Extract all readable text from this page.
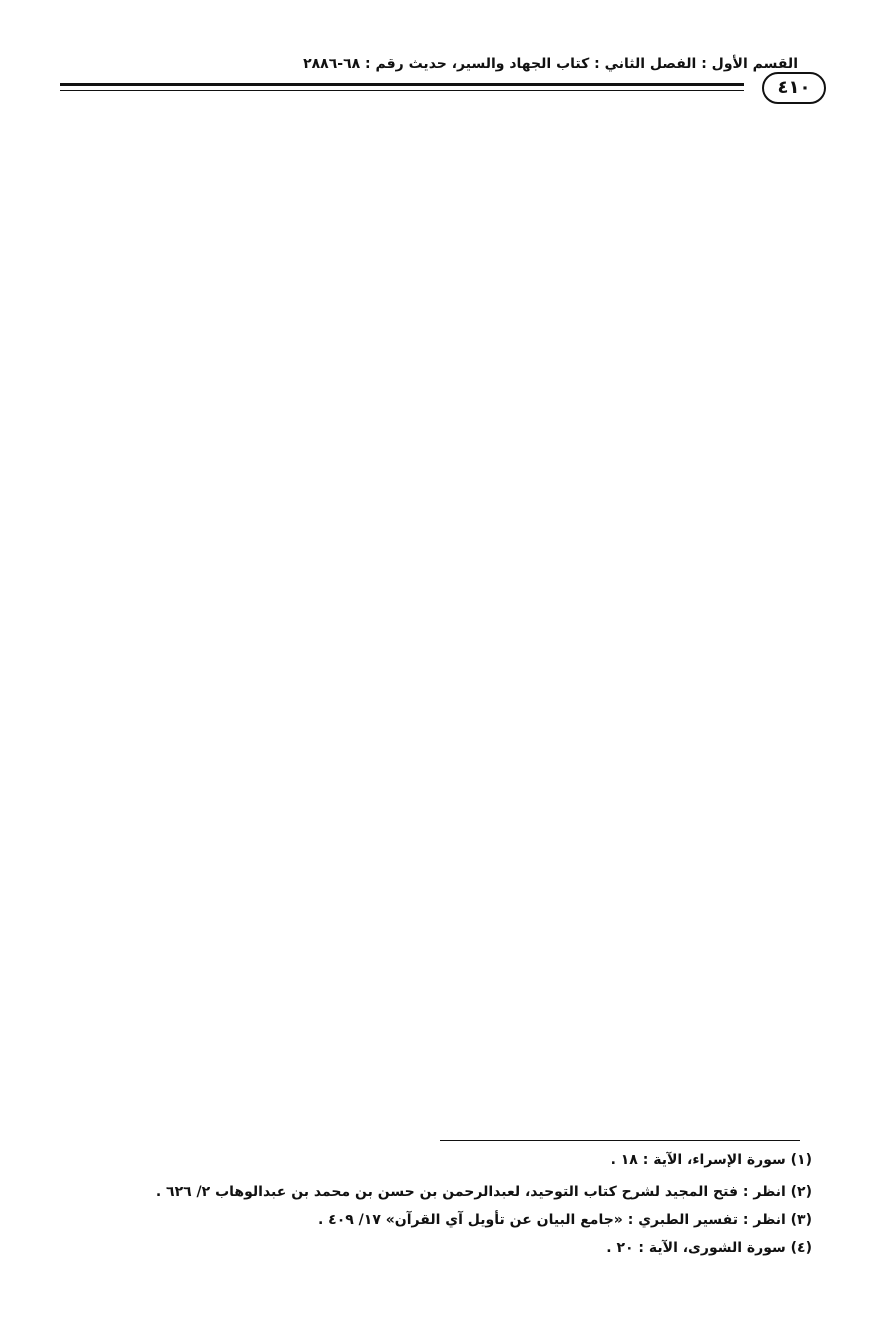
القسم الأول : الفصل الثاني : كتاب الجهاد والسير، حديث رقم : ٦٨-٢٨٨٦
٤١٠
(١) سورة الإسراء، الآية : ١٨ .
(٢) انظر : فتح المجيد لشرح كتاب التوحيد، لعبدالرحمن بن حسن بن محمد بن عبدالوهاب ٢/ ٦٢٦ .
(٣) انظر : تفسير الطبري : «جامع البيان عن تأويل آي القرآن» ١٧/ ٤٠٩ .
(٤) سورة الشورى، الآية : ٢٠ .
